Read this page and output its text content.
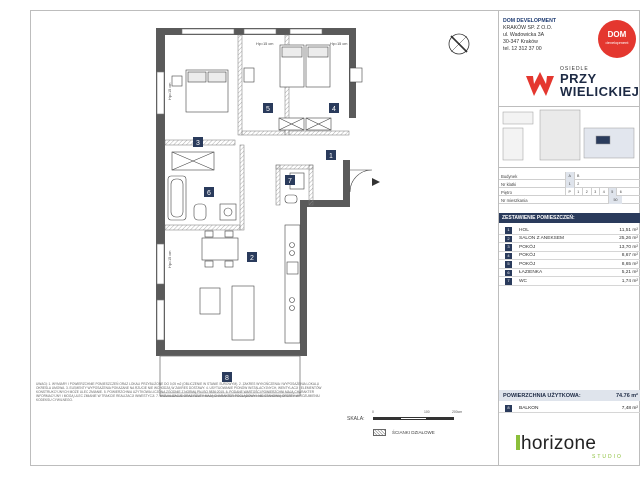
3
5	4
1
6
7
2
8
Hp=15 cm	Hp=15 cm
Hp=15 cm
Hp=15 cm
DOM DEVELOPMENT
KRAKÓW SP. Z O.O.
ul. Wadowicka 3A
30-347 Kraków
tel. 12 312 37 00
DOM
development
OSIEDLE
PRZY
WIELICKIEJ
Budynek	A	B
Nr klatki	1	2
Piętro	P	1	2	3	4	5	6
Nr mieszkania	50
ZESTAWIENIE POMIESZCZEŃ:
1	HOL	11,51 m²
2	SALON Z ANEKSEM	25,26 m²
3	POKÓJ	13,70 m²
4	POKÓJ	8,67 m²
5	POKÓJ	8,65 m²
6	ŁAZIENKA	5,21 m²
7	WC	1,74 m²
POWIERZCHNIA UŻYTKOWA:	74.76 m²
8	BALKON	7,48 m²
horizone
STUDIO
UWAGI: 1. WYMIARY I POWIERZCHNIE POMIESZCZEŃ ORAZ LOKALI PRZYBLIŻONE DO 0,05 m2 (OBLICZENIE W STANIE SUROWYM). 2. ZAKRES WYKOŃCZENIA I WYPOSAŻENIA LOKALU OKREŚLA UMOWA. 3. ELEMENTY WYPOSAŻENIA POKAZANE NA RZUCIE NIE WCHODZĄ W ZAKRES DOSTAWY. 4. USYTUOWANIE PIONÓW INSTALACYJNYCH, WENTYLACJI I ELEMENTÓW KONSTRUKCYJNYCH MOŻE ULEC ZMIANIE. 5. POWIERZCHNIA UŻYTKOWA LICZONA ZGODNIE Z NORMĄ PN-ISO 9836:2015. 6. PODANE WARTOŚCI POWIERZCHNI MAJĄ CHARAKTER INFORMACYJNY I MOGĄ ULEC ZMIANIE W TRAKCIE REALIZACJI INWESTYCJI. 7. WIZUALIZACJE ORAZ RZUTY MAJĄ CHARAKTER POGLĄDOWY I NIE STANOWIĄ OFERTY W ROZUMIENIU KODEKSU CYWILNEGO.
SKALA:
0	100	200cm
ŚCIANKI DZIAŁOWE
